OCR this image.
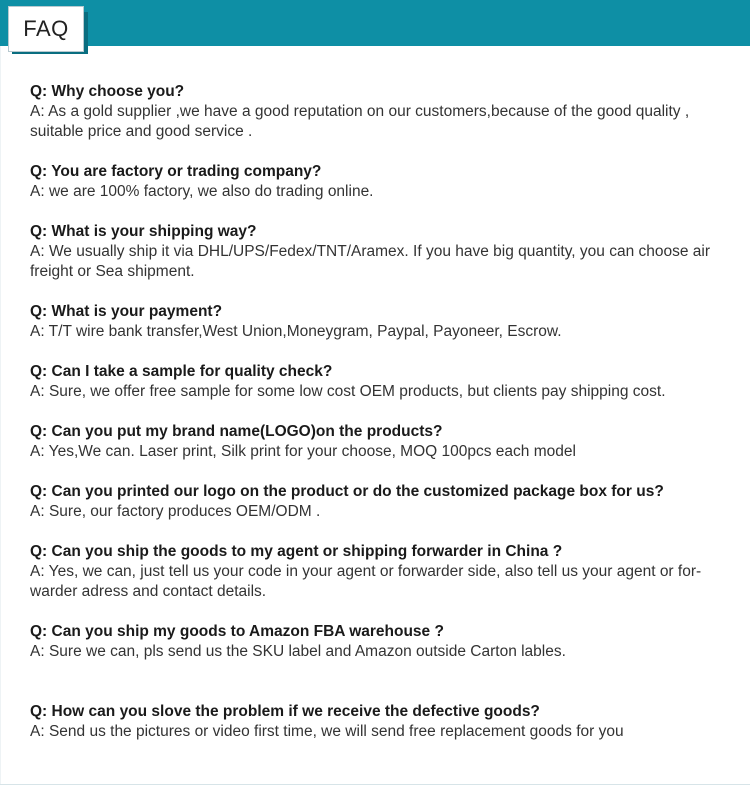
FAQ
Q: Why choose you?
A: As a gold supplier ,we have a good reputation on our customers,because of the good quality , suitable price and good service .
Q: You are factory or trading company?
A: we are 100% factory, we also do trading online.
Q: What is your shipping way?
A: We usually ship it via DHL/UPS/Fedex/TNT/Aramex. If you have big quantity, you can choose air freight or Sea shipment.
Q: What is your payment?
A: T/T wire bank transfer,West Union,Moneygram, Paypal, Payoneer, Escrow.
Q: Can I take a sample for quality check?
A: Sure, we offer free sample for some low cost OEM products, but clients pay shipping cost.
Q: Can you put my brand name(LOGO)on the products?
A: Yes,We can. Laser print, Silk print for your choose, MOQ 100pcs each model
Q: Can you printed our logo on the product or do the customized package box for us?
A: Sure, our factory produces OEM/ODM .
Q: Can you ship the goods to my agent or shipping forwarder in China ?
A: Yes, we can, just tell us your code in your agent or forwarder side, also tell us your agent or for-warder adress and contact details.
Q: Can you ship my goods to Amazon FBA warehouse ?
A: Sure we can, pls send us the SKU label and Amazon outside Carton lables.
Q: How can you slove the problem if we receive the defective goods?
A: Send us the pictures or video first time, we will send free replacement goods for you
